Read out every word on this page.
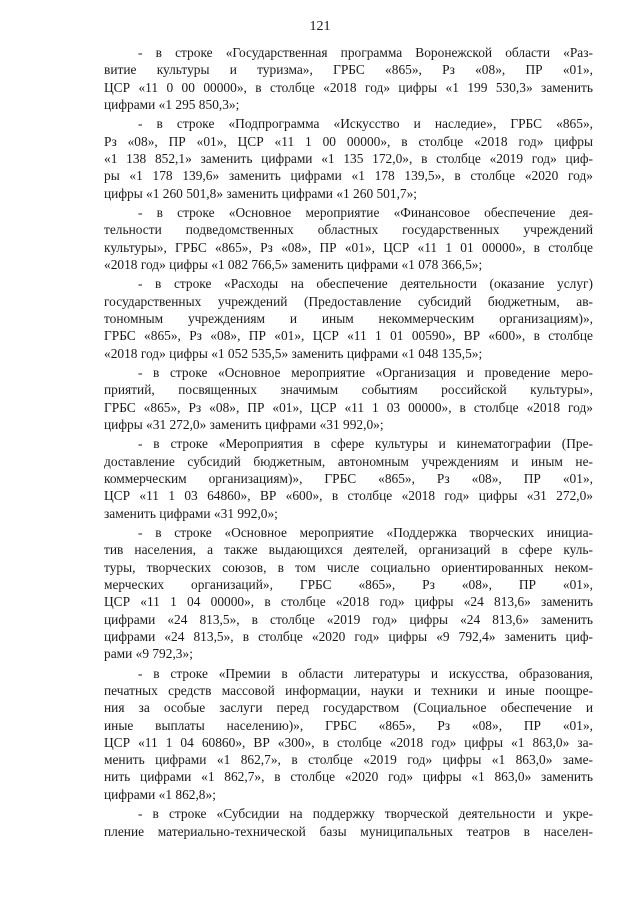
121

- в строке «Государственная программа Воронежской области «Раз-
витие культуры и туризма», ГРБС «865», Рз «08», ПР «01»,
ЦСР «11 0 00 00000», в столбце «2018 год» цифры «1 199 530,3» заменить
цифрами «1 295 850,3»;

- в строке «Подпрограмма «Искусство и наследие», ГРБС «865»,
Рз «08», ПР «01», ЦСР «11 1 00 00000», в столбце «2018 год» цифры
«1 138 852,1» заменить цифрами «1 135 172,0», в столбце «2019 год» циф-
ры «1 178 139,6» заменить цифрами «1 178 139,5», в столбце «2020 год»
цифры «1 260 501,8» заменить цифрами «1 260 501,7»;

- в строке «Основное мероприятие «Финансовое обеспечение дея-
тельности подведомственных областных государственных учреждений
культуры», ГРБС «865», Рз «08», ПР «01», ЦСР «11 1 01 00000», в столбце
«2018 год» цифры «1 082 766,5» заменить цифрами «1 078 366,5»;

- в строке «Расходы на обеспечение деятельности (оказание услуг)
государственных учреждений (Предоставление субсидий бюджетным, ав-
тономным учреждениям и иным некоммерческим организациям)»,
ГРБС «865», Рз «08», ПР «01», ЦСР «11 1 01 00590», ВР «600», в столбце
«2018 год» цифры «1 052 535,5» заменить цифрами «1 048 135,5»;

- в строке «Основное мероприятие «Организация и проведение меро-
приятий, посвященных значимым событиям российской культуры»,
ГРБС «865», Рз «08», ПР «01», ЦСР «11 1 03 00000», в столбце «2018 год»
цифры «31 272,0» заменить цифрами «31 992,0»;

- в строке «Мероприятия в сфере культуры и кинематографии (Пре-
доставление субсидий бюджетным, автономным учреждениям и иным не-
коммерческим организациям)», ГРБС «865», Рз «08», ПР «01»,
ЦСР «11 1 03 64860», ВР «600», в столбце «2018 год» цифры «31 272,0»
заменить цифрами «31 992,0»;

- в строке «Основное мероприятие «Поддержка творческих инициа-
тив населения, а также выдающихся деятелей, организаций в сфере куль-
туры, творческих союзов, в том числе социально ориентированных неком-
мерческих организаций», ГРБС «865», Рз «08», ПР «01»,
ЦСР «11 1 04 00000», в столбце «2018 год» цифры «24 813,6» заменить
цифрами «24 813,5», в столбце «2019 год» цифры «24 813,6» заменить
цифрами «24 813,5», в столбце «2020 год» цифры «9 792,4» заменить циф-
рами «9 792,3»;

- в строке «Премии в области литературы и искусства, образования,
печатных средств массовой информации, науки и техники и иные поощре-
ния за особые заслуги перед государством (Социальное обеспечение и
иные выплаты населению)», ГРБС «865», Рз «08», ПР «01»,
ЦСР «11 1 04 60860», ВР «300», в столбце «2018 год» цифры «1 863,0» за-
менить цифрами «1 862,7», в столбце «2019 год» цифры «1 863,0» заме-
нить цифрами «1 862,7», в столбце «2020 год» цифры «1 863,0» заменить
цифрами «1 862,8»;

- в строке «Субсидии на поддержку творческой деятельности и укре-
пление материально-технической базы муниципальных театров в населен-
